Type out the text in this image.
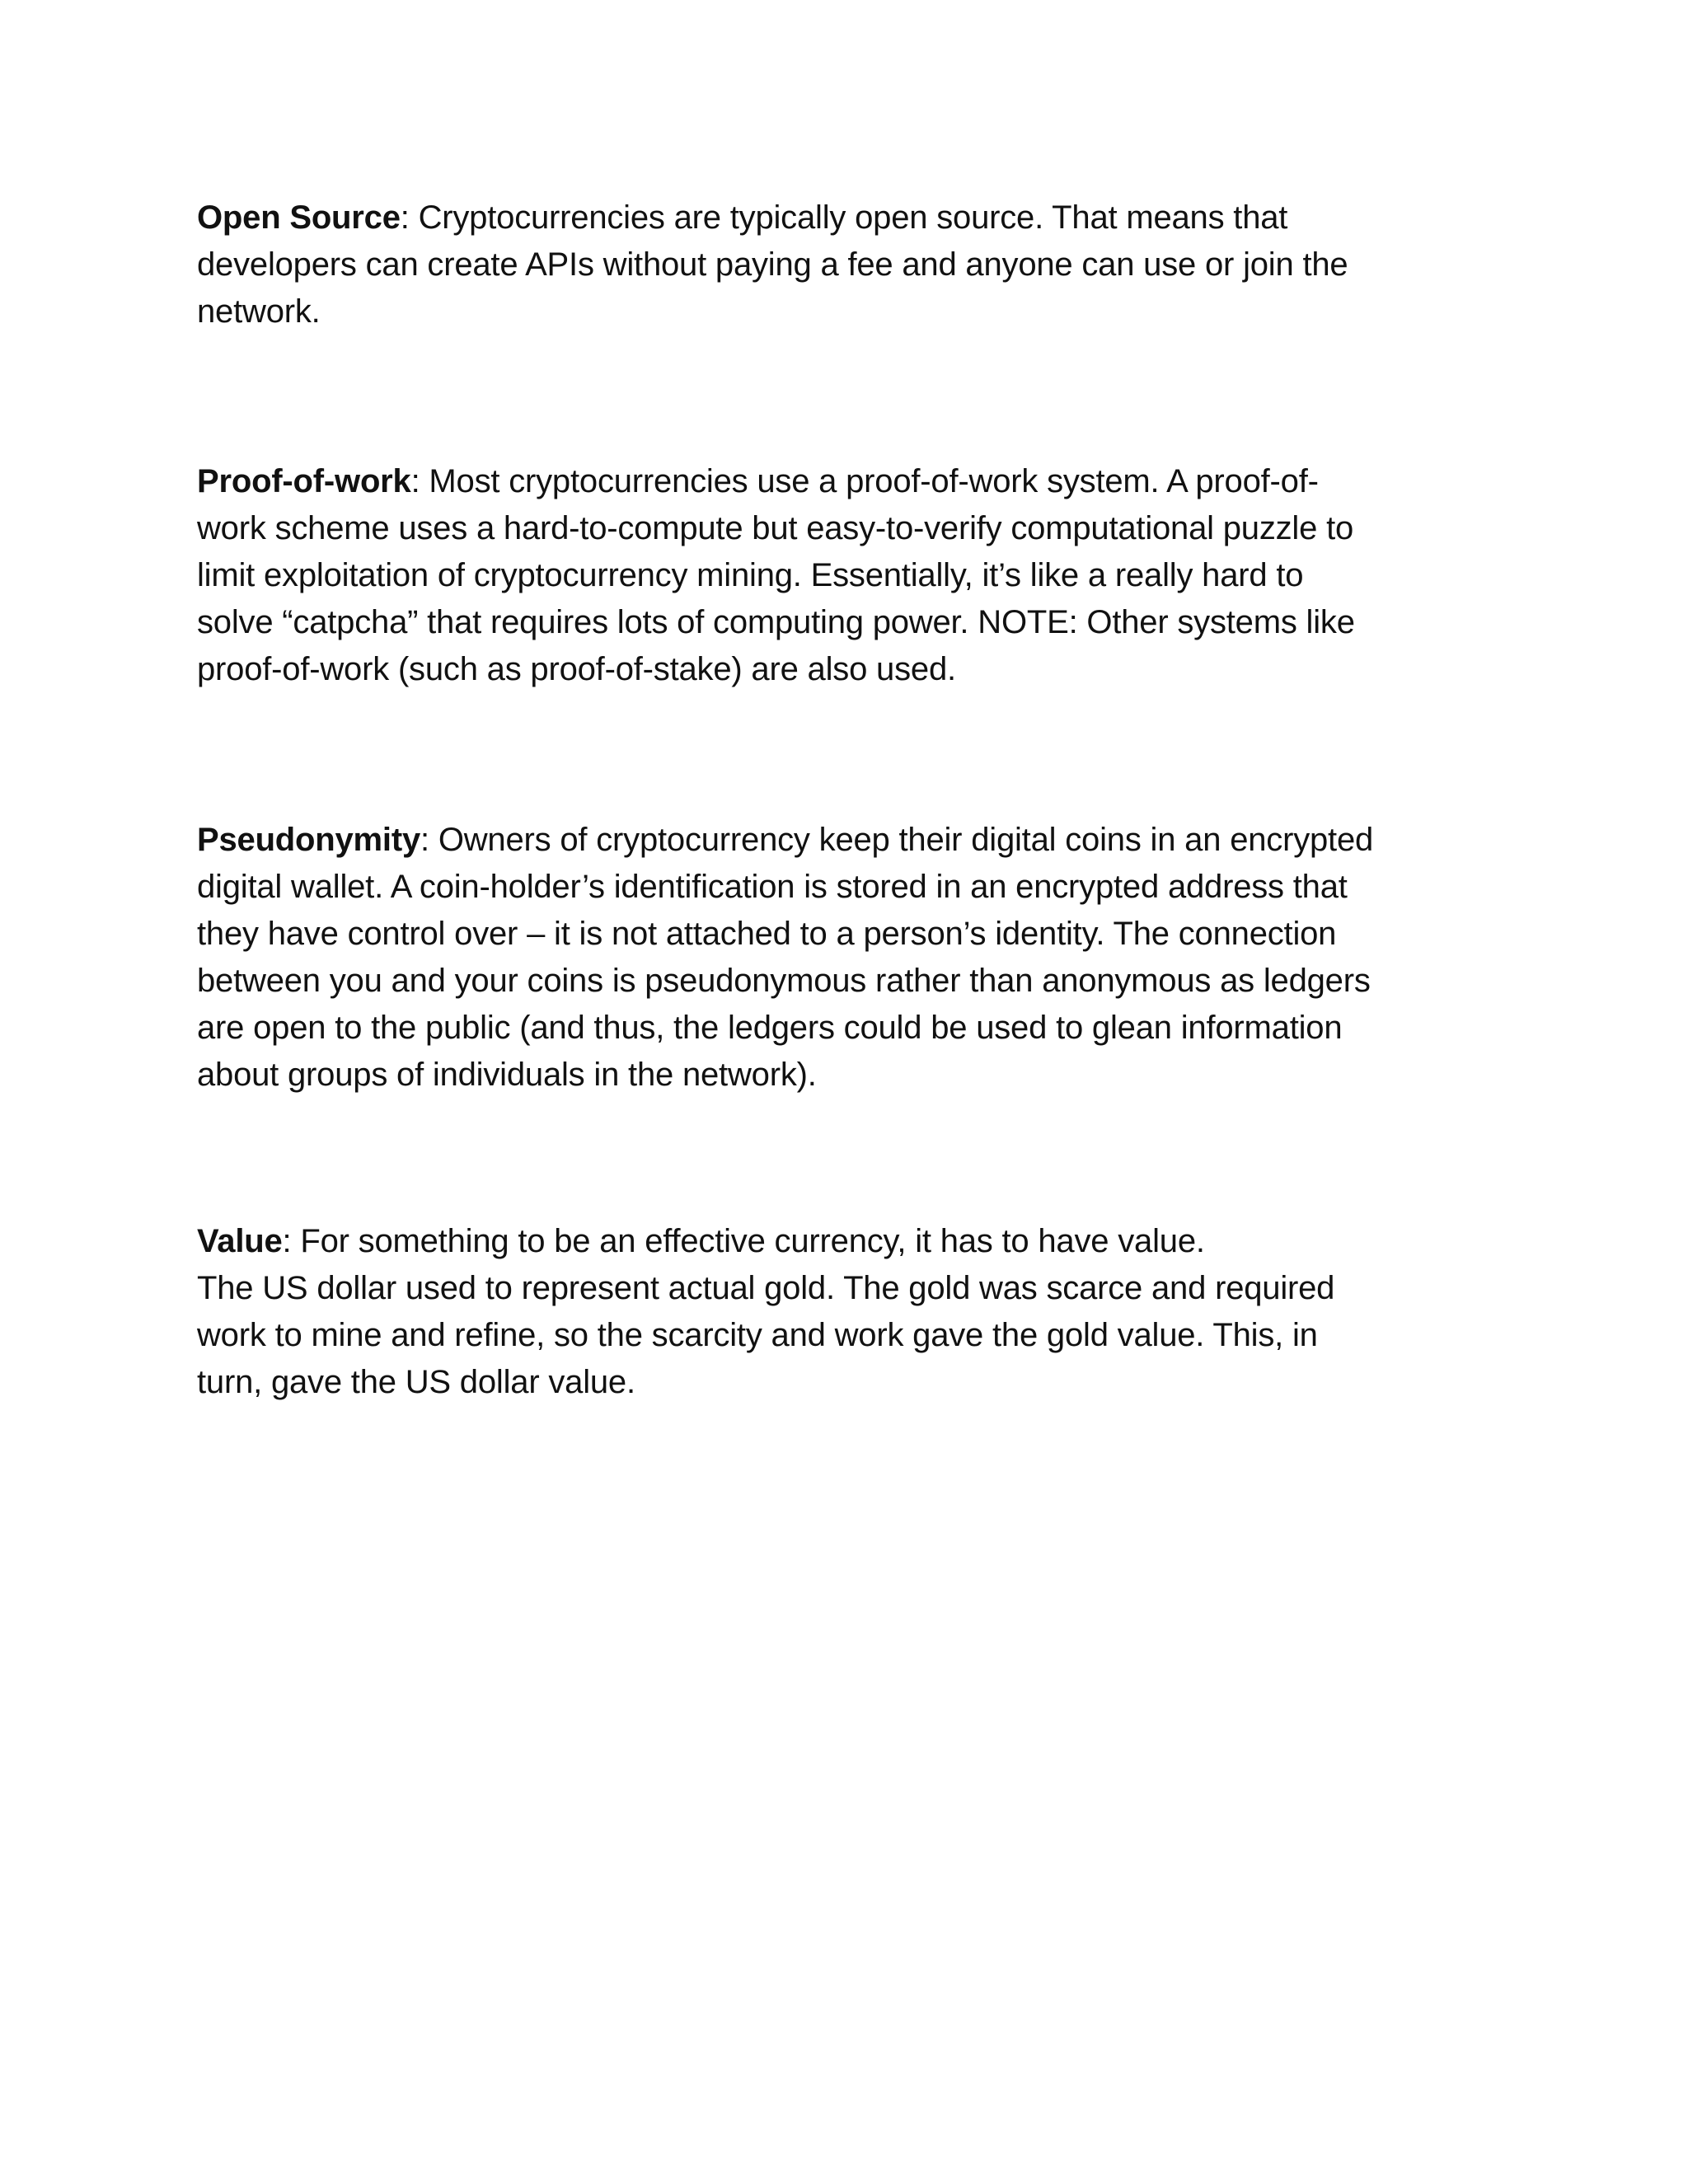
Open Source: Cryptocurrencies are typically open source. That means that
developers can create APIs without paying a fee and anyone can use or join the
network.
Proof-of-work: Most cryptocurrencies use a proof-of-work system. A proof-of-
work scheme uses a hard-to-compute but easy-to-verify computational puzzle to
limit exploitation of cryptocurrency mining. Essentially, it’s like a really hard to
solve “catpcha” that requires lots of computing power. NOTE: Other systems like
proof-of-work (such as proof-of-stake) are also used.
Pseudonymity: Owners of cryptocurrency keep their digital coins in an encrypted
digital wallet. A coin-holder’s identification is stored in an encrypted address that
they have control over – it is not attached to a person’s identity. The connection
between you and your coins is pseudonymous rather than anonymous as ledgers
are open to the public (and thus, the ledgers could be used to glean information
about groups of individuals in the network).
Value: For something to be an effective currency, it has to have value.
The US dollar used to represent actual gold. The gold was scarce and required
work to mine and refine, so the scarcity and work gave the gold value. This, in
turn, gave the US dollar value.
